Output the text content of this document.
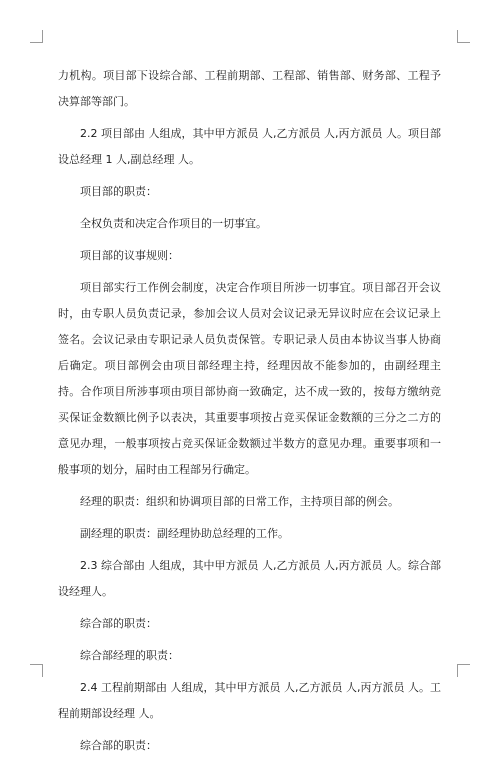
力机构。项目部下设综合部、工程前期部、工程部、销售部、财务部、工程予决算部等部门。

2.2 项目部由 人组成，其中甲方派员 人,乙方派员 人,丙方派员 人。项目部设总经理 1 人,副总经理 人。

项目部的职责：

全权负责和决定合作项目的一切事宜。

项目部的议事规则：

项目部实行工作例会制度，决定合作项目所涉一切事宜。项目部召开会议时，由专职人员负责记录，参加会议人员对会议记录无异议时应在会议记录上签名。会议记录由专职记录人员负责保管。专职记录人员由本协议当事人协商后确定。项目部例会由项目部经理主持，经理因故不能参加的，由副经理主持。合作项目所涉事项由项目部协商一致确定，达不成一致的，按每方缴纳竞买保证金数额比例予以表决，其重要事项按占竞买保证金数额的三分之二方的意见办理，一般事项按占竞买保证金数额过半数方的意见办理。重要事项和一般事项的划分，届时由工程部另行确定。

经理的职责：组织和协调项目部的日常工作，主持项目部的例会。

副经理的职责：副经理协助总经理的工作。

2.3 综合部由 人组成，其中甲方派员 人,乙方派员 人,丙方派员 人。综合部设经理人。

综合部的职责：

综合部经理的职责：

2.4 工程前期部由 人组成，其中甲方派员 人,乙方派员 人,丙方派员 人。工程前期部设经理 人。

综合部的职责：
